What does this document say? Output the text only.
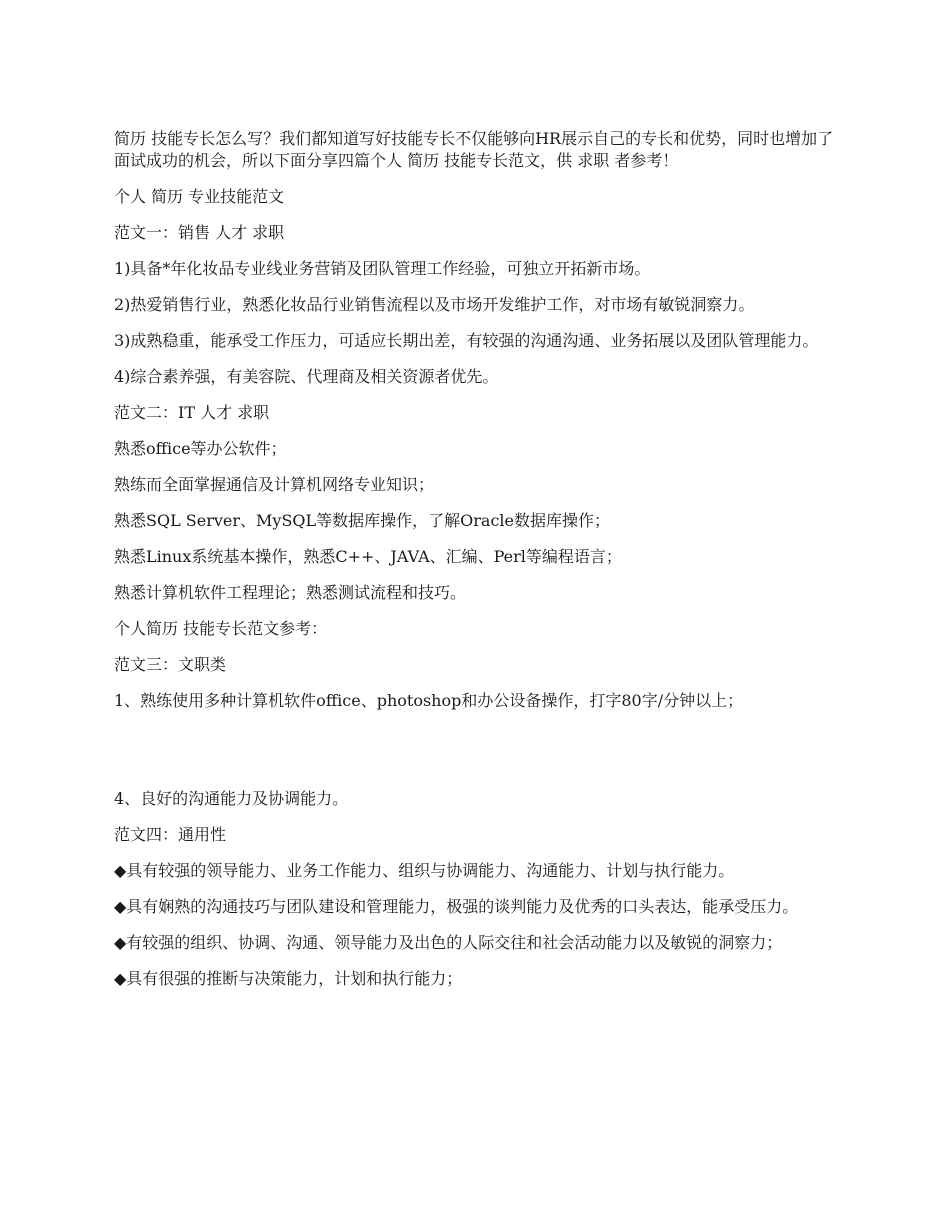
简历 技能专长怎么写？我们都知道写好技能专长不仅能够向HR展示自己的专长和优势，同时也增加了 面试成功的机会，所以下面分享四篇个人 简历 技能专长范文，供 求职 者参考！

个人 简历 专业技能范文

范文一：销售 人才 求职

1)具备*年化妆品专业线业务营销及团队管理工作经验，可独立开拓新市场。

2)热爱销售行业，熟悉化妆品行业销售流程以及市场开发维护工作，对市场有敏锐洞察力。

3)成熟稳重，能承受工作压力，可适应长期出差，有较强的沟通沟通、业务拓展以及团队管理能力。

4)综合素养强，有美容院、代理商及相关资源者优先。

范文二：IT 人才 求职

熟悉office等办公软件；

熟练而全面掌握通信及计算机网络专业知识；

熟悉SQL Server、MySQL等数据库操作，了解Oracle数据库操作；

熟悉Linux系统基本操作，熟悉C++、JAVA、汇编、Perl等编程语言；

熟悉计算机软件工程理论；熟悉测试流程和技巧。

个人简历 技能专长范文参考：

范文三：文职类

1、熟练使用多种计算机软件office、photoshop和办公设备操作，打字80字/分钟以上；

4、良好的沟通能力及协调能力。

范文四：通用性

◆具有较强的领导能力、业务工作能力、组织与协调能力、沟通能力、计划与执行能力。

◆具有娴熟的沟通技巧与团队建设和管理能力，极强的谈判能力及优秀的口头表达，能承受压力。

◆有较强的组织、协调、沟通、领导能力及出色的人际交往和社会活动能力以及敏锐的洞察力；

◆具有很强的推断与决策能力，计划和执行能力；
